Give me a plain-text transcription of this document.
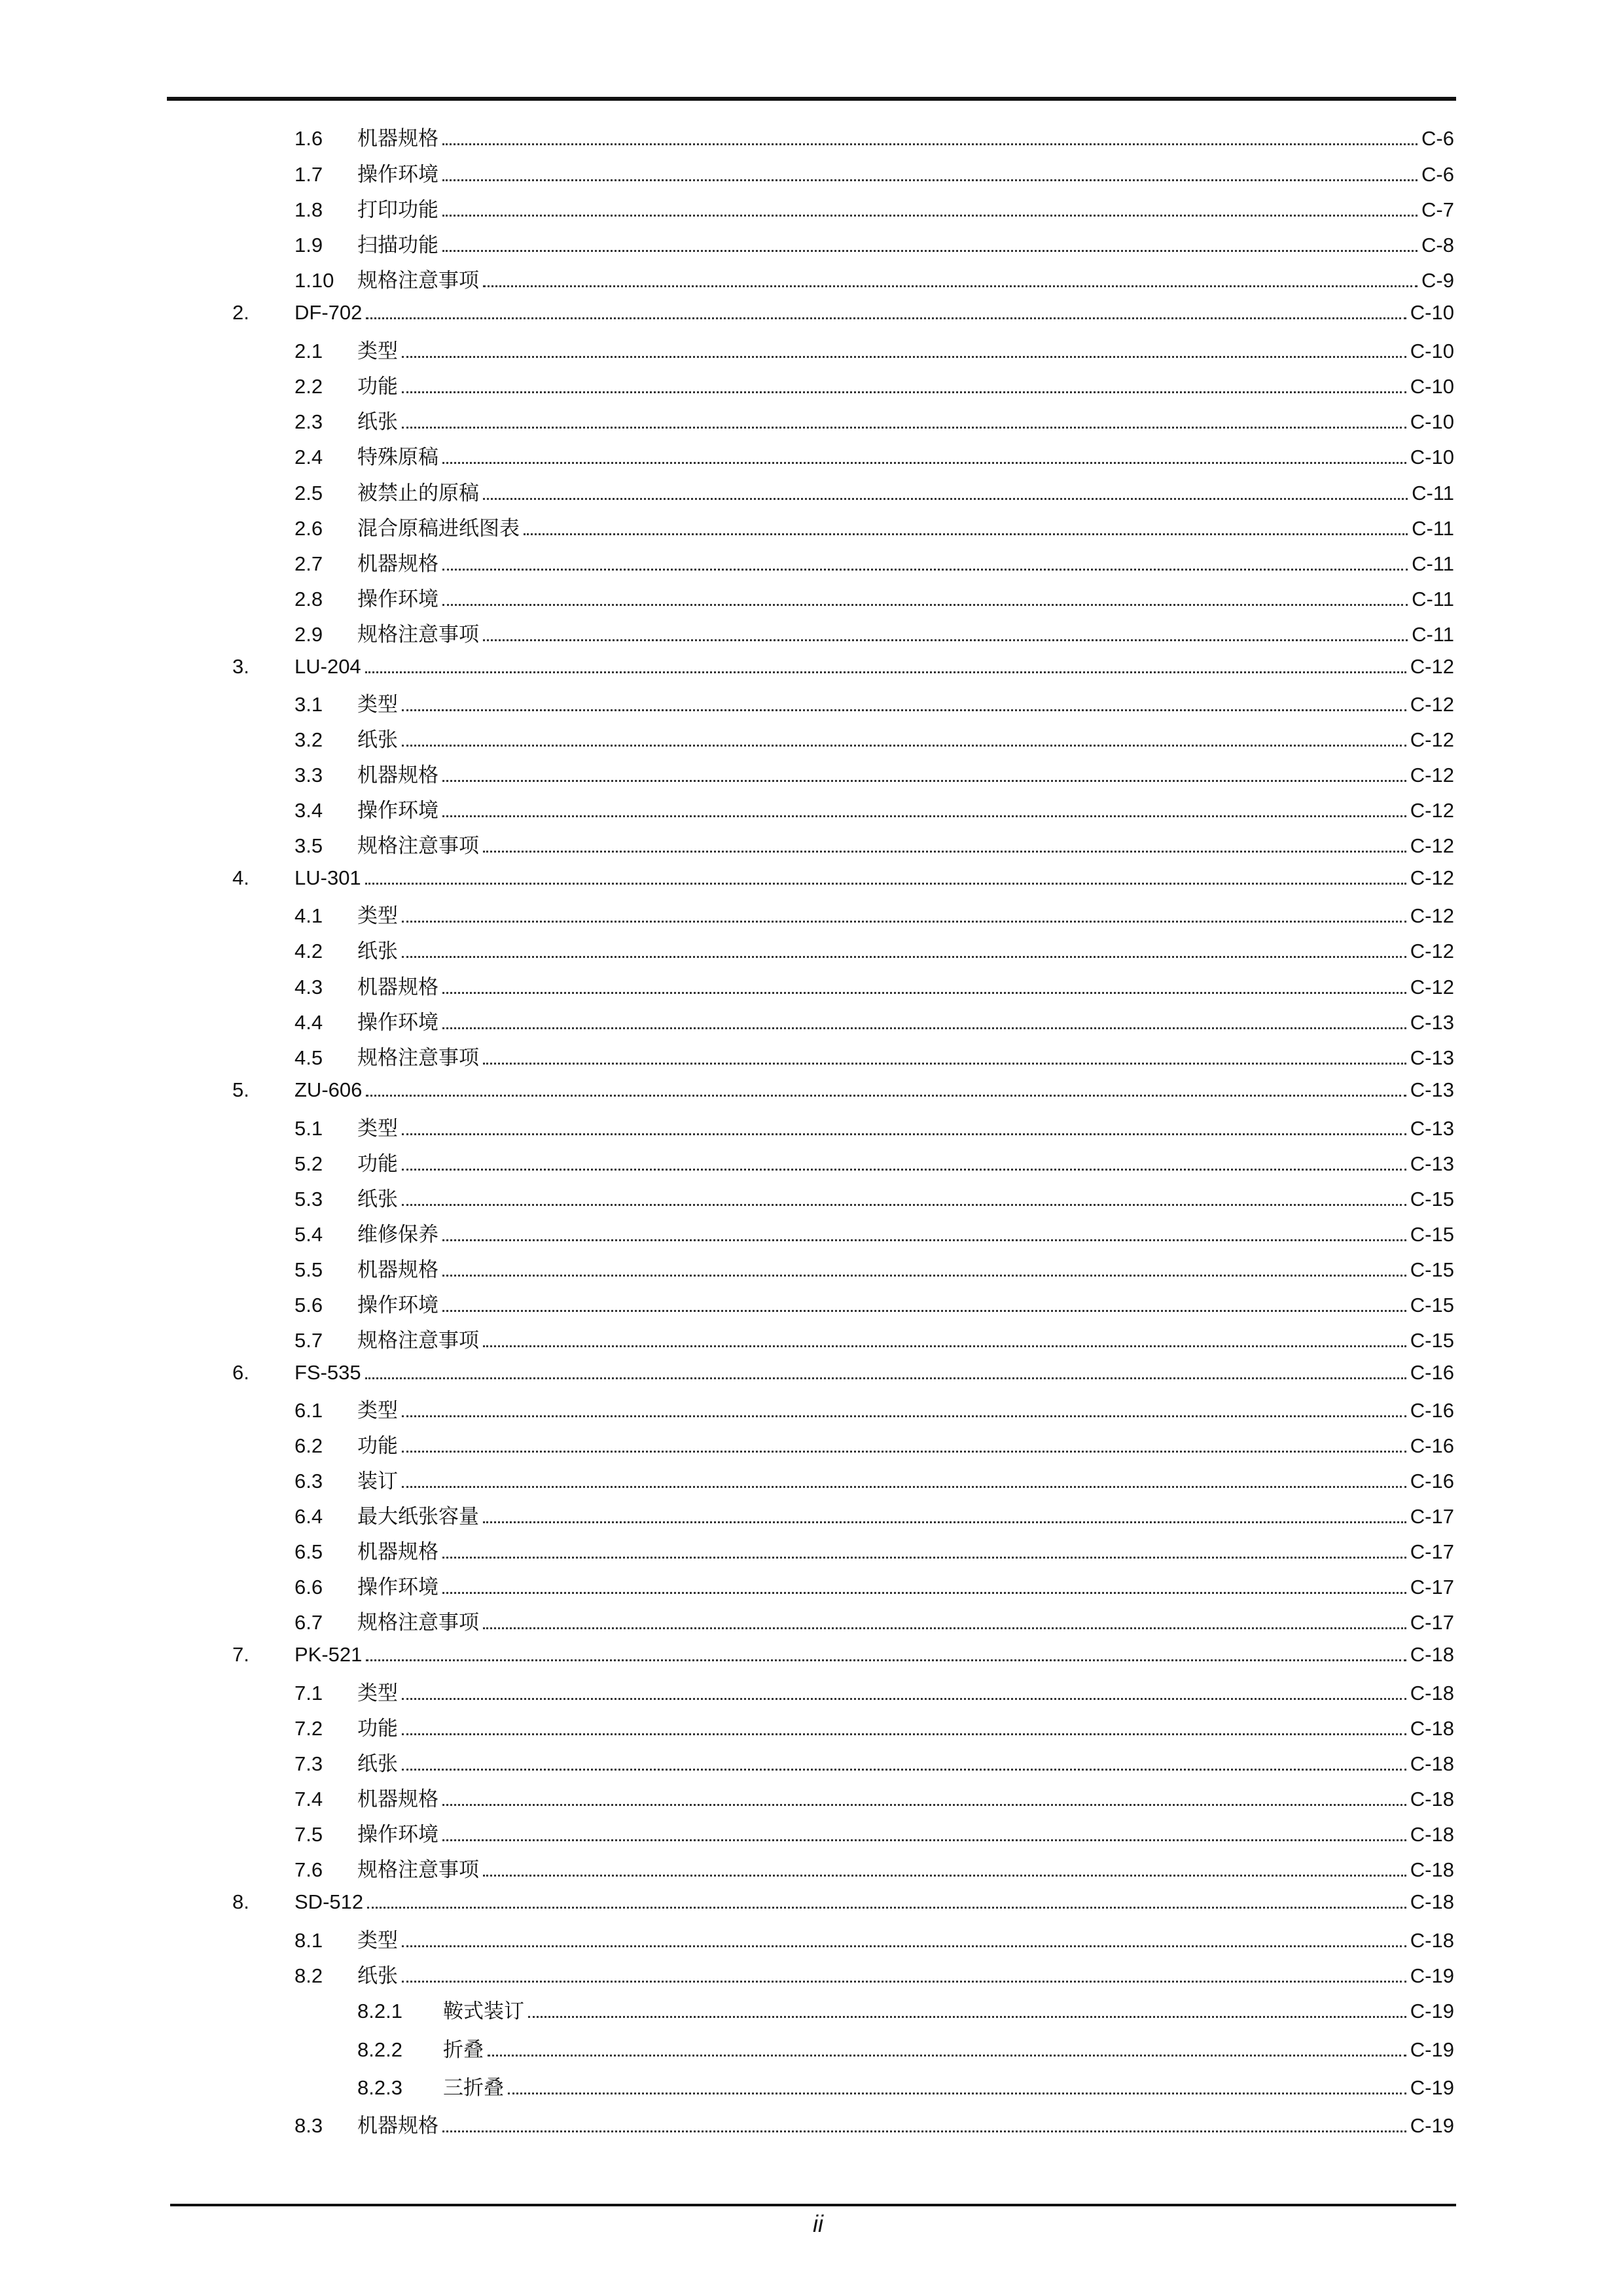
1.6 机器规格	C-6
1.7 操作环境	C-6
1.8 打印功能	C-7
1.9 扫描功能	C-8
1.10 规格注意事项	C-9
2. DF-702	C-10
2.1 类型	C-10
2.2 功能	C-10
2.3 纸张	C-10
2.4 特殊原稿	C-10
2.5 被禁止的原稿	C-11
2.6 混合原稿进纸图表	C-11
2.7 机器规格	C-11
2.8 操作环境	C-11
2.9 规格注意事项	C-11
3. LU-204	C-12
3.1 类型	C-12
3.2 纸张	C-12
3.3 机器规格	C-12
3.4 操作环境	C-12
3.5 规格注意事项	C-12
4. LU-301	C-12
4.1 类型	C-12
4.2 纸张	C-12
4.3 机器规格	C-12
4.4 操作环境	C-13
4.5 规格注意事项	C-13
5. ZU-606	C-13
5.1 类型	C-13
5.2 功能	C-13
5.3 纸张	C-15
5.4 维修保养	C-15
5.5 机器规格	C-15
5.6 操作环境	C-15
5.7 规格注意事项	C-15
6. FS-535	C-16
6.1 类型	C-16
6.2 功能	C-16
6.3 装订	C-16
6.4 最大纸张容量	C-17
6.5 机器规格	C-17
6.6 操作环境	C-17
6.7 规格注意事项	C-17
7. PK-521	C-18
7.1 类型	C-18
7.2 功能	C-18
7.3 纸张	C-18
7.4 机器规格	C-18
7.5 操作环境	C-18
7.6 规格注意事项	C-18
8. SD-512	C-18
8.1 类型	C-18
8.2 纸张	C-19
8.2.1 鞍式装订	C-19
8.2.2 折叠	C-19
8.2.3 三折叠	C-19
8.3 机器规格	C-19
ii
